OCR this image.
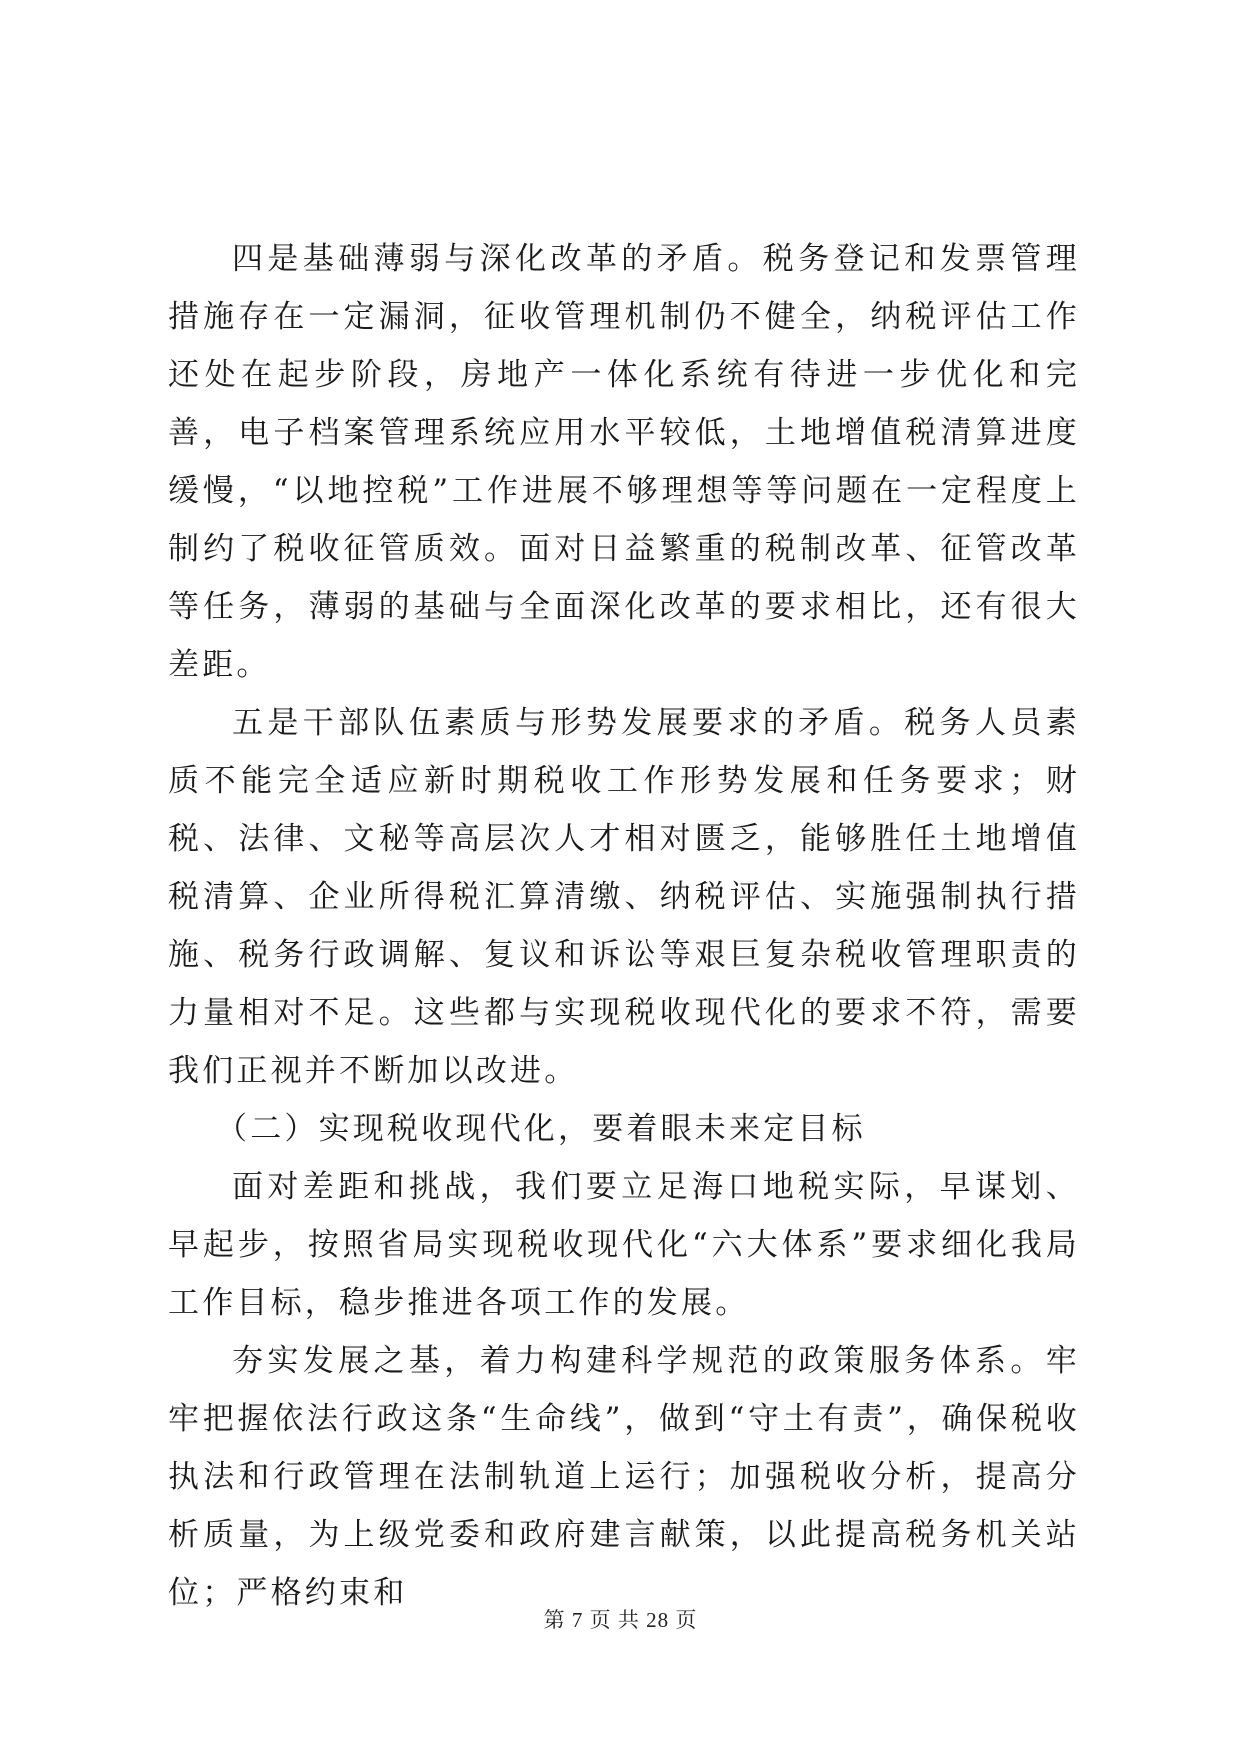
四是基础薄弱与深化改革的矛盾。税务登记和发票管理措施存在一定漏洞，征收管理机制仍不健全，纳税评估工作还处在起步阶段，房地产一体化系统有待进一步优化和完善，电子档案管理系统应用水平较低，土地增值税清算进度缓慢，“以地控税”工作进展不够理想等等问题在一定程度上制约了税收征管质效。面对日益繁重的税制改革、征管改革等任务，薄弱的基础与全面深化改革的要求相比，还有很大差距。

五是干部队伍素质与形势发展要求的矛盾。税务人员素质不能完全适应新时期税收工作形势发展和任务要求；财税、法律、文秘等高层次人才相对匮乏，能够胜任土地增值税清算、企业所得税汇算清缴、纳税评估、实施强制执行措施、税务行政调解、复议和诉讼等艰巨复杂税收管理职责的力量相对不足。这些都与实现税收现代化的要求不符，需要我们正视并不断加以改进。

（二）实现税收现代化，要着眼未来定目标

面对差距和挑战，我们要立足海口地税实际，早谋划、早起步，按照省局实现税收现代化“六大体系”要求细化我局工作目标，稳步推进各项工作的发展。

夯实发展之基，着力构建科学规范的政策服务体系。牢牢把握依法行政这条“生命线”，做到“守土有责”，确保税收执法和行政管理在法制轨道上运行；加强税收分析，提高分析质量，为上级党委和政府建言献策，以此提高税务机关站位；严格约束和

第 7 页 共 28 页
